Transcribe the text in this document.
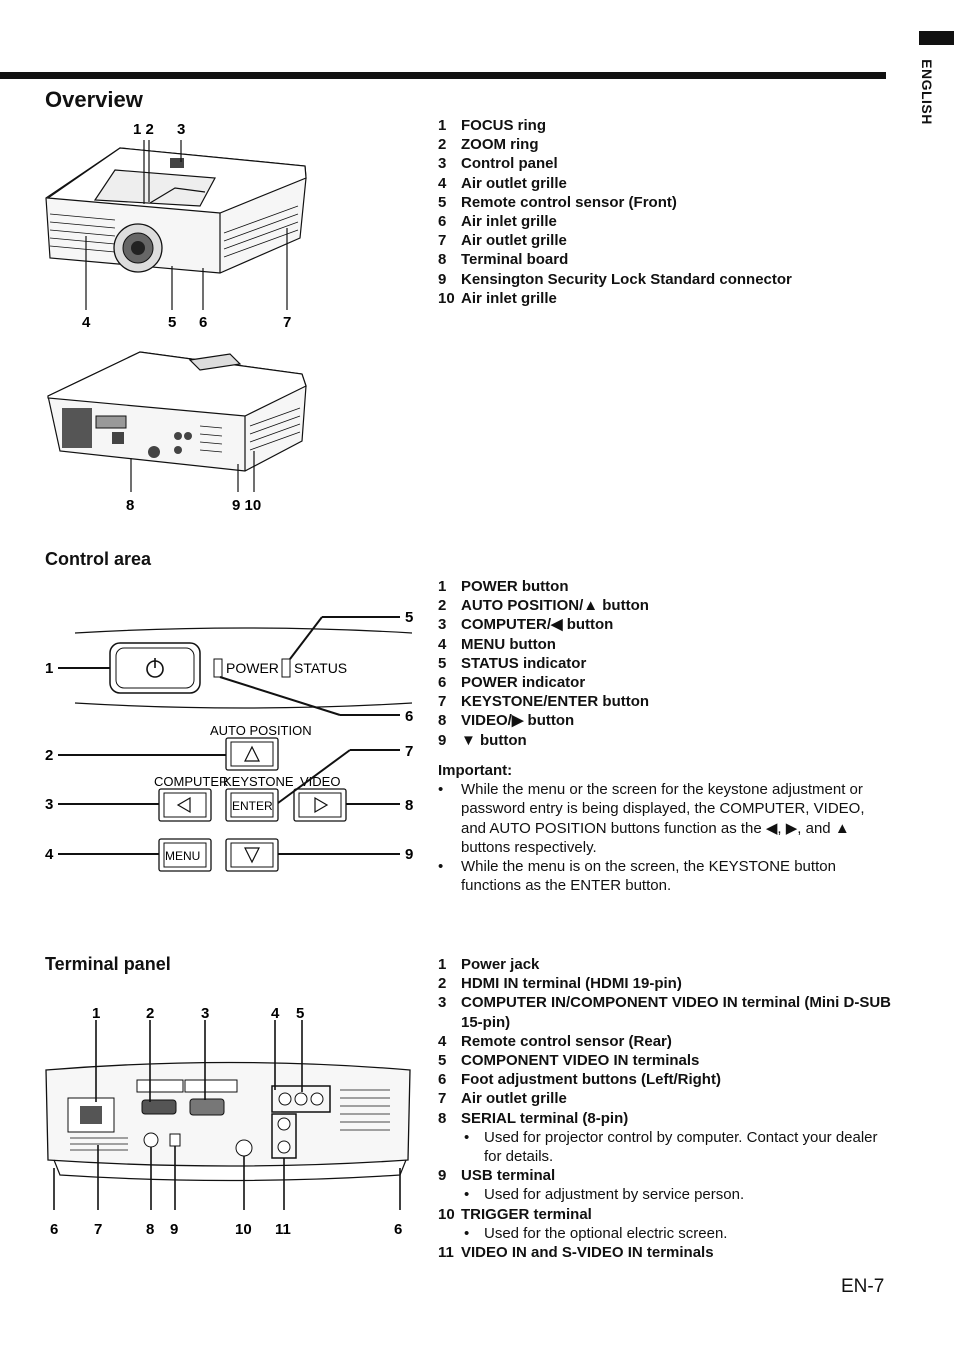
ENGLISH
Overview
1 FOCUS ring
2 ZOOM ring
3 Control panel
4 Air outlet grille
5 Remote control sensor (Front)
6 Air inlet grille
7 Air outlet grille
8 Terminal board
9 Kensington Security Lock Standard connector
10 Air inlet grille
1 2 3
4	5 6	7
8	9 10
Control area
1 POWER button
2 AUTO POSITION/▲ button
3 COMPUTER/◀ button
4 MENU button
5 STATUS indicator
6 POWER indicator
7 KEYSTONE/ENTER button
8 VIDEO/▶ button
9 ▼ button
Important:
• While the menu or the screen for the keystone adjustment or password entry is being displayed, the COMPUTER, VIDEO, and AUTO POSITION buttons function as the ◀, ▶, and ▲ buttons respectively.
• While the menu is on the screen, the KEYSTONE button functions as the ENTER button.
POWER STATUS
AUTO POSITION
COMPUTER
KEYSTONE VIDEO
ENTER
MENU
1
2
3
4
5
6
7
8
9
Terminal panel	1 Power jack
2 HDMI IN terminal (HDMI 19-pin)
3 COMPUTER IN/COMPONENT VIDEO IN terminal (Mini D-SUB 15-pin)
4 Remote control sensor (Rear)
5 COMPONENT VIDEO IN terminals
6 Foot adjustment buttons (Left/Right)
7 Air outlet grille
8 SERIAL terminal (8-pin)
• Used for projector control by computer. Contact your dealer for details.
9 USB terminal
• Used for adjustment by service person.
10 TRIGGER terminal
• Used for the optional electric screen.
11 VIDEO IN and S-VIDEO IN terminals
1	2	3	4 5
6 7	8 9	10 11	6
EN-7
